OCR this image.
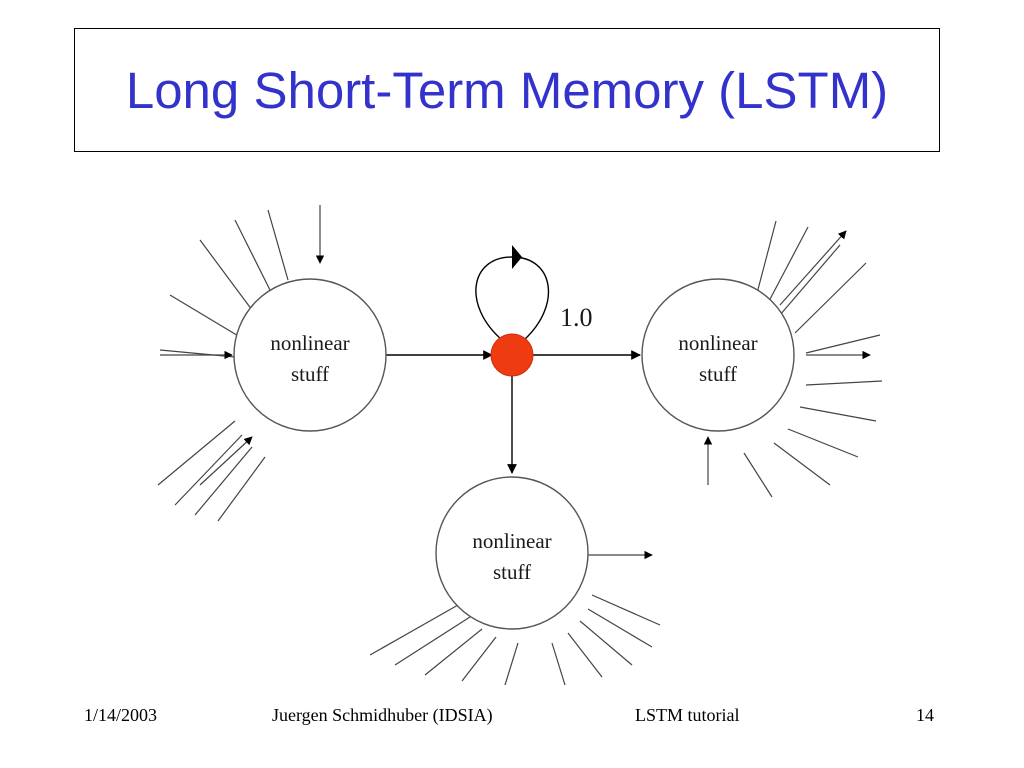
Long Short-Term Memory (LSTM)
nonlinear
stuff
nonlinear
stuff
nonlinear
stuff
1.0
1/14/2003	Juergen Schmidhuber (IDSIA)	LSTM tutorial	14
